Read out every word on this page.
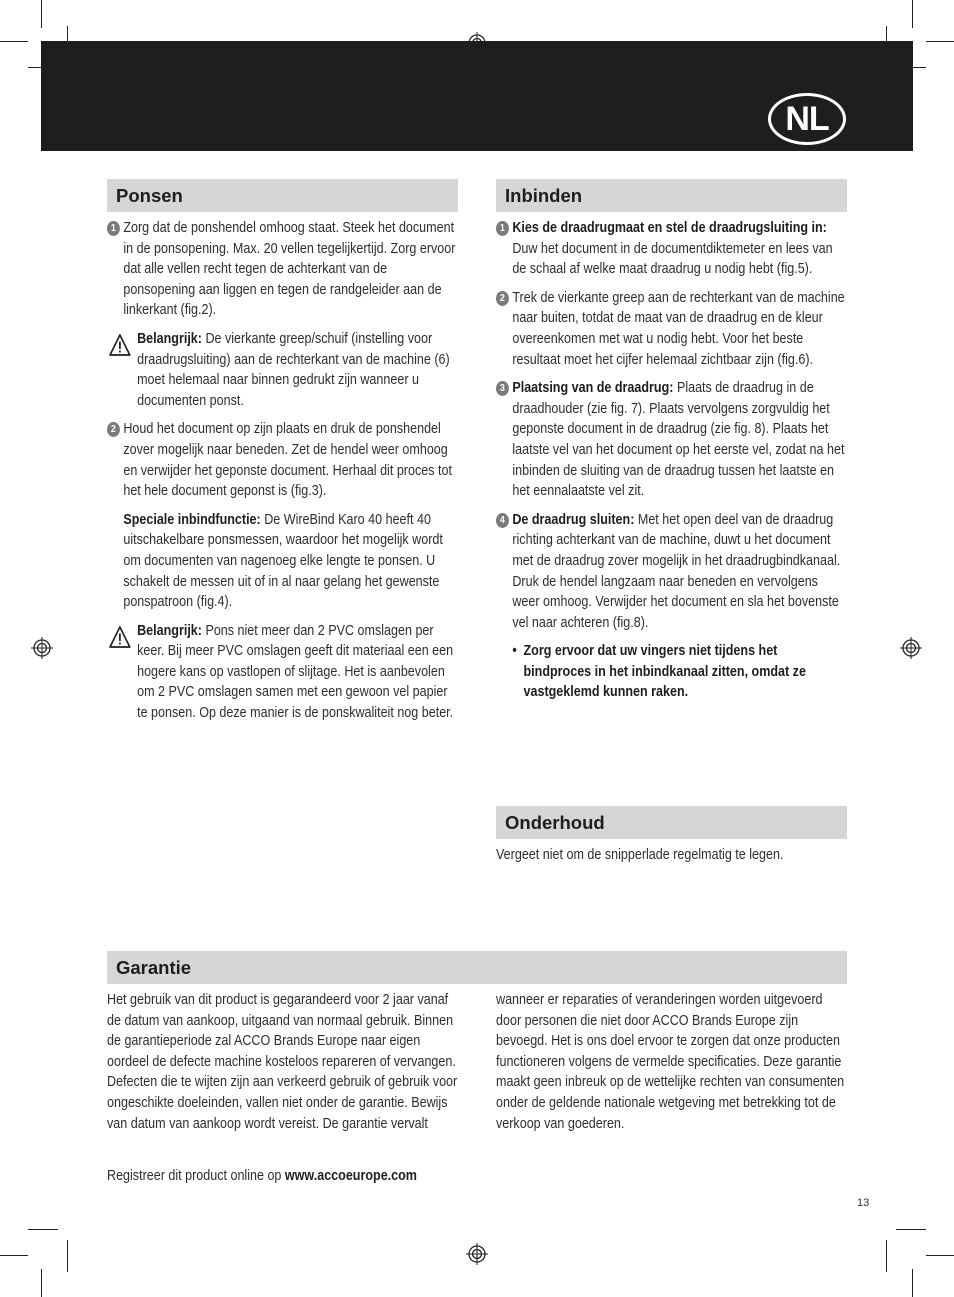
NL
Ponsen
1 Zorg dat de ponshendel omhoog staat. Steek het document in de ponsopening. Max. 20 vellen tegelijkertijd. Zorg ervoor dat alle vellen recht tegen de achterkant van de ponsopening aan liggen en tegen de randgeleider aan de linkerkant (fig.2).
Belangrijk: De vierkante greep/schuif (instelling voor draadrugsluiting) aan de rechterkant van de machine (6) moet helemaal naar binnen gedrukt zijn wanneer u documenten ponst.
2 Houd het document op zijn plaats en druk de ponshendel zover mogelijk naar beneden. Zet de hendel weer omhoog en verwijder het geponste document. Herhaal dit proces tot het hele document geponst is (fig.3).
Speciale inbindfunctie: De WireBind Karo 40 heeft 40 uitschakelbare ponsmessen, waardoor het mogelijk wordt om documenten van nagenoeg elke lengte te ponsen. U schakelt de messen uit of in al naar gelang het gewenste ponspatroon (fig.4).
Belangrijk: Pons niet meer dan 2 PVC omslagen per keer. Bij meer PVC omslagen geeft dit materiaal een een hogere kans op vastlopen of slijtage. Het is aanbevolen om 2 PVC omslagen samen met een gewoon vel papier te ponsen. Op deze manier is de ponskwaliteit nog beter.
Inbinden
1 Kies de draadrugmaat en stel de draadrugsluiting in: Duw het document in de documentdiktemeter en lees van de schaal af welke maat draadrug u nodig hebt (fig.5).
2 Trek de vierkante greep aan de rechterkant van de machine naar buiten, totdat de maat van de draadrug en de kleur overeenkomen met wat u nodig hebt. Voor het beste resultaat moet het cijfer helemaal zichtbaar zijn (fig.6).
3 Plaatsing van de draadrug: Plaats de draadrug in de draadhouder (zie fig. 7). Plaats vervolgens zorgvuldig het geponste document in de draadrug (zie fig. 8). Plaats het laatste vel van het document op het eerste vel, zodat na het inbinden de sluiting van de draadrug tussen het laatste en het eennalaatste vel zit.
4 De draadrug sluiten: Met het open deel van de draadrug richting achterkant van de machine, duwt u het document met de draadrug zover mogelijk in het draadrugbindkanaal. Druk de hendel langzaam naar beneden en vervolgens weer omhoog. Verwijder het document en sla het bovenste vel naar achteren (fig.8).
• Zorg ervoor dat uw vingers niet tijdens het bindproces in het inbindkanaal zitten, omdat ze vastgeklemd kunnen raken.
Onderhoud
Vergeet niet om de snipperlade regelmatig te legen.
Garantie
Het gebruik van dit product is gegarandeerd voor 2 jaar vanaf de datum van aankoop, uitgaand van normaal gebruik. Binnen de garantieperiode zal ACCO Brands Europe naar eigen oordeel de defecte machine kosteloos repareren of vervangen. Defecten die te wijten zijn aan verkeerd gebruik of gebruik voor ongeschikte doeleinden, vallen niet onder de garantie. Bewijs van datum van aankoop wordt vereist. De garantie vervalt
wanneer er reparaties of veranderingen worden uitgevoerd door personen die niet door ACCO Brands Europe zijn bevoegd. Het is ons doel ervoor te zorgen dat onze producten functioneren volgens de vermelde specificaties. Deze garantie maakt geen inbreuk op de wettelijke rechten van consumenten onder de geldende nationale wetgeving met betrekking tot de verkoop van goederen.
Registreer dit product online op www.accoeurope.com
13
